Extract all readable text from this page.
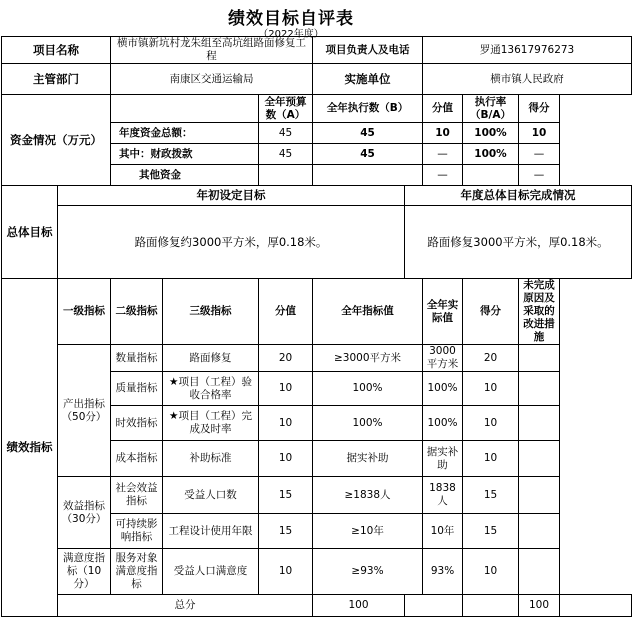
绩效目标自评表
（2022年度）
项目名称		横市镇新坑村龙朱组至高坑组路面修复工程			项目负责人及电话		罗通13617976273			
主管部门		南康区交通运输局			实施单位		横市镇人民政府			
资金情况（万元）				全年预算数（A）	全年执行数（B）		分值	执行率（B/A）	得分	
		年度资金总额：		45	45		10	100%	10	
		其中：财政拨款		45	45		—	100%	—	
		其他资金					—		—	
总体目标	年初设定目标					年度总体目标完成情况				
	路面修复约3000平方米，厚0.18米。					路面修复3000平方米，厚0.18米。				
绩效指标	一级指标	二级指标	三级指标	分值	全年指标值		全年实际值	得分	未完成原因及采取的改进措施	
	产出指标（50分）	数量指标	路面修复	20	≥3000平方米		3000平方米	20		
		质量指标	★项目（工程）验收合格率	10	100%		100%	10		
		时效指标	★项目（工程）完成及时率	10	100%		100%	10		
		成本指标	补助标准	10	据实补助		据实补助	10		
	效益指标（30分）	社会效益指标	受益人口数	15	≥1838人		1838人	15		
		可持续影响指标	工程设计使用年限	15	≥10年		10年	15		
	满意度指标（10分）	服务对象满意度指标	受益人口满意度	10	≥93%		93%	10		
	总分				100				100	
